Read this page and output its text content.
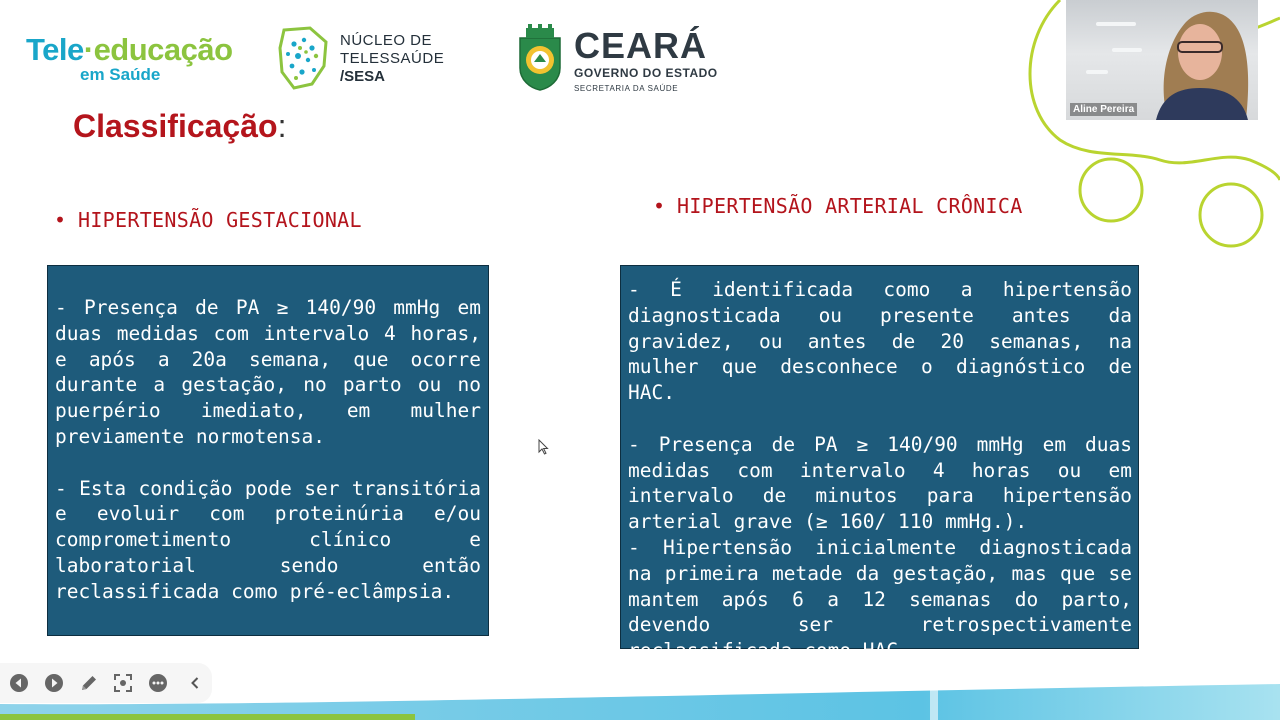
Tele·educação
em Saúde
NÚCLEO DE
TELESSAÚDE
/SESA
CEARÁ
GOVERNO DO ESTADO
SECRETARIA DA SAÚDE
Aline Pereira
Classificação:
• HIPERTENSÃO GESTACIONAL
• HIPERTENSÃO ARTERIAL CRÔNICA

- Presença de PA ≥ 140/90 mmHg em duas medidas com intervalo 4 horas, e após a 20a semana, que ocorre durante a gestação, no parto ou no puerpério imediato, em mulher previamente normotensa.

- Esta condição pode ser transitória e evoluir com proteinúria e/ou comprometimento clínico e laboratorial sendo então reclassificada como pré-eclâmpsia.

- É identificada como a hipertensão diagnosticada ou presente antes da gravidez, ou antes de 20 semanas, na mulher que desconhece o diagnóstico de HAC.

- Presença de PA ≥ 140/90 mmHg em duas medidas com intervalo 4 horas ou em intervalo de minutos para hipertensão arterial grave (≥ 160/ 110 mmHg.).

- Hipertensão inicialmente diagnosticada na primeira metade da gestação, mas que se mantem após 6 a 12 semanas do parto, devendo ser retrospectivamente reclassificada como HAC.
